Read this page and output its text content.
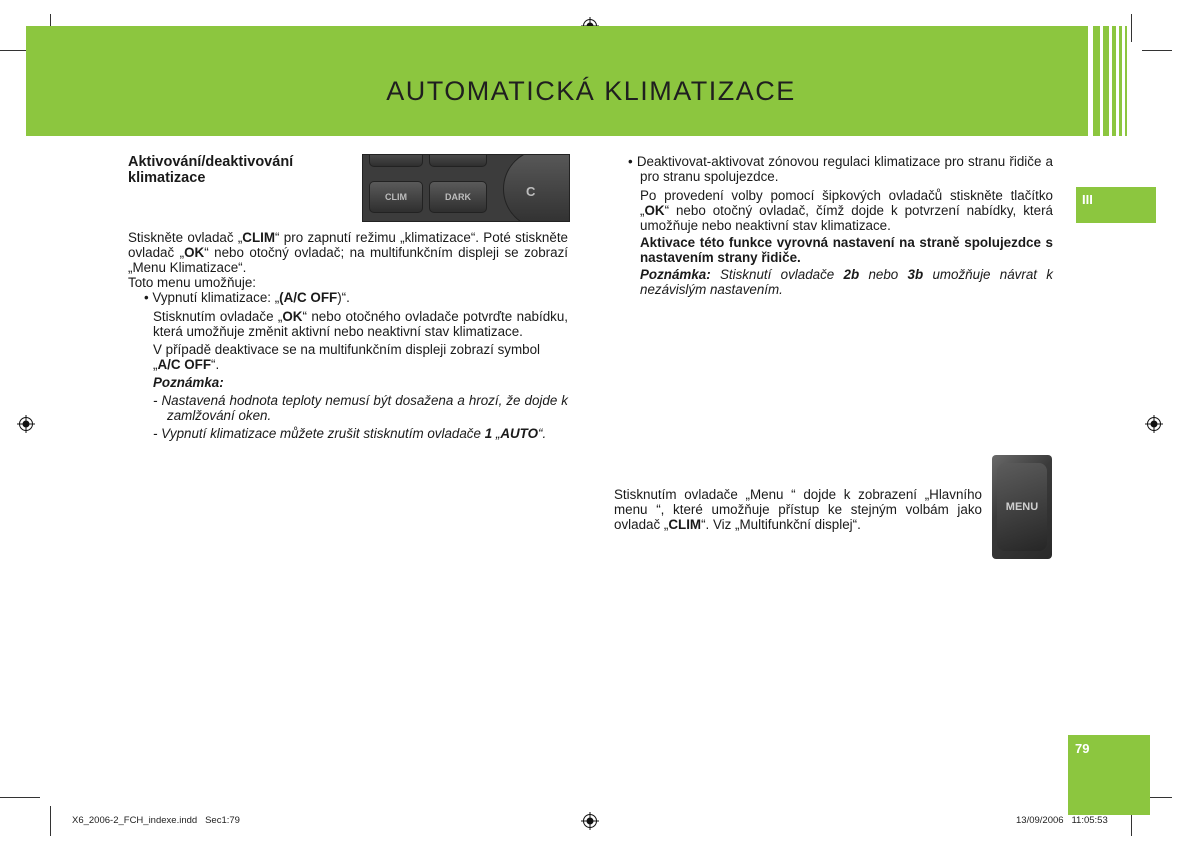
AUTOMATICKÁ KLIMATIZACE
III
79

Aktivování/deaktivování

klimatizace

CLIM	DARK	C

Stiskněte ovladač „CLIM“ pro zapnutí režimu „klimatizace“. Poté stiskněte ovladač „OK“ nebo otočný ovladač; na multifunkčním displeji se zobrazí „Menu Klimatizace“.

Toto menu umožňuje:

• Vypnutí klimatizace: „(A/C OFF)“.

Stisknutím ovladače „OK“ nebo otočného ovladače potvrďte nabídku, která umožňuje změnit aktivní nebo neaktivní stav klimatizace.

V případě deaktivace se na multifunkčním displeji zobrazí symbol „A/C OFF“.

Poznámka:

- Nastavená hodnota teploty nemusí být dosažena a hrozí, že dojde k zamlžování oken.

- Vypnutí klimatizace můžete zrušit stisknutím ovladače 1 „AUTO“.

• Deaktivovat-aktivovat zónovou regulaci klimatizace pro stranu řidiče a pro stranu spolujezdce.

Po provedení volby pomocí šipkových ovladačů stiskněte tlačítko „OK“ nebo otočný ovladač, čímž dojde k potvrzení nabídky, která umožňuje nebo neaktivní stav klimatizace.

Aktivace této funkce vyrovná nastavení na straně spolujezdce s nastavením strany řidiče.

Poznámka: Stisknutí ovladače 2b nebo 3b umožňuje návrat k nezávislým nastavením.

Stisknutím ovladače „Menu “ dojde k zobrazení „Hlavního menu “, které umožňuje přístup ke stejným volbám jako ovladač „CLIM“. Viz „Multifunkční displej“.

MENU
X6_2006-2_FCH_indexe.indd   Sec1:79	13/09/2006   11:05:53
